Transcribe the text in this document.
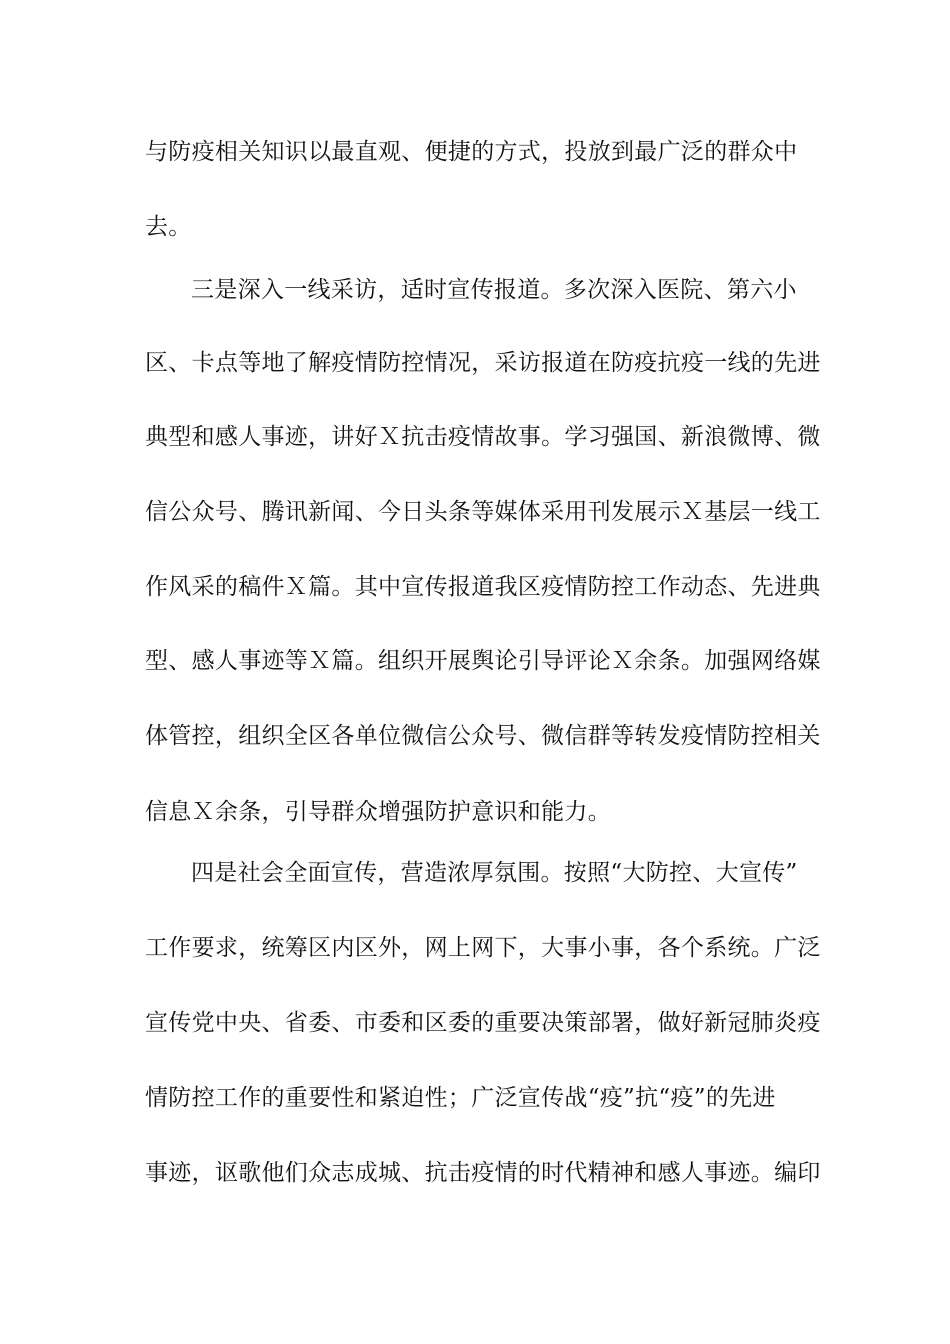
与防疫相关知识以最直观、便捷的方式，投放到最广泛的群众中
去。
三是深入一线采访，适时宣传报道。多次深入医院、第六小
区、卡点等地了解疫情防控情况，采访报道在防疫抗疫一线的先进
典型和感人事迹，讲好Ｘ抗击疫情故事。学习强国、新浪微博、微
信公众号、腾讯新闻、今日头条等媒体采用刊发展示Ｘ基层一线工
作风采的稿件Ｘ篇。其中宣传报道我区疫情防控工作动态、先进典
型、感人事迹等Ｘ篇。组织开展舆论引导评论Ｘ余条。加强网络媒
体管控，组织全区各单位微信公众号、微信群等转发疫情防控相关
信息Ｘ余条，引导群众增强防护意识和能力。
四是社会全面宣传，营造浓厚氛围。按照“大防控、大宣传”
工作要求，统筹区内区外，网上网下，大事小事，各个系统。广泛
宣传党中央、省委、市委和区委的重要决策部署，做好新冠肺炎疫
情防控工作的重要性和紧迫性；广泛宣传战“疫”抗“疫”的先进
事迹，讴歌他们众志成城、抗击疫情的时代精神和感人事迹。编印
